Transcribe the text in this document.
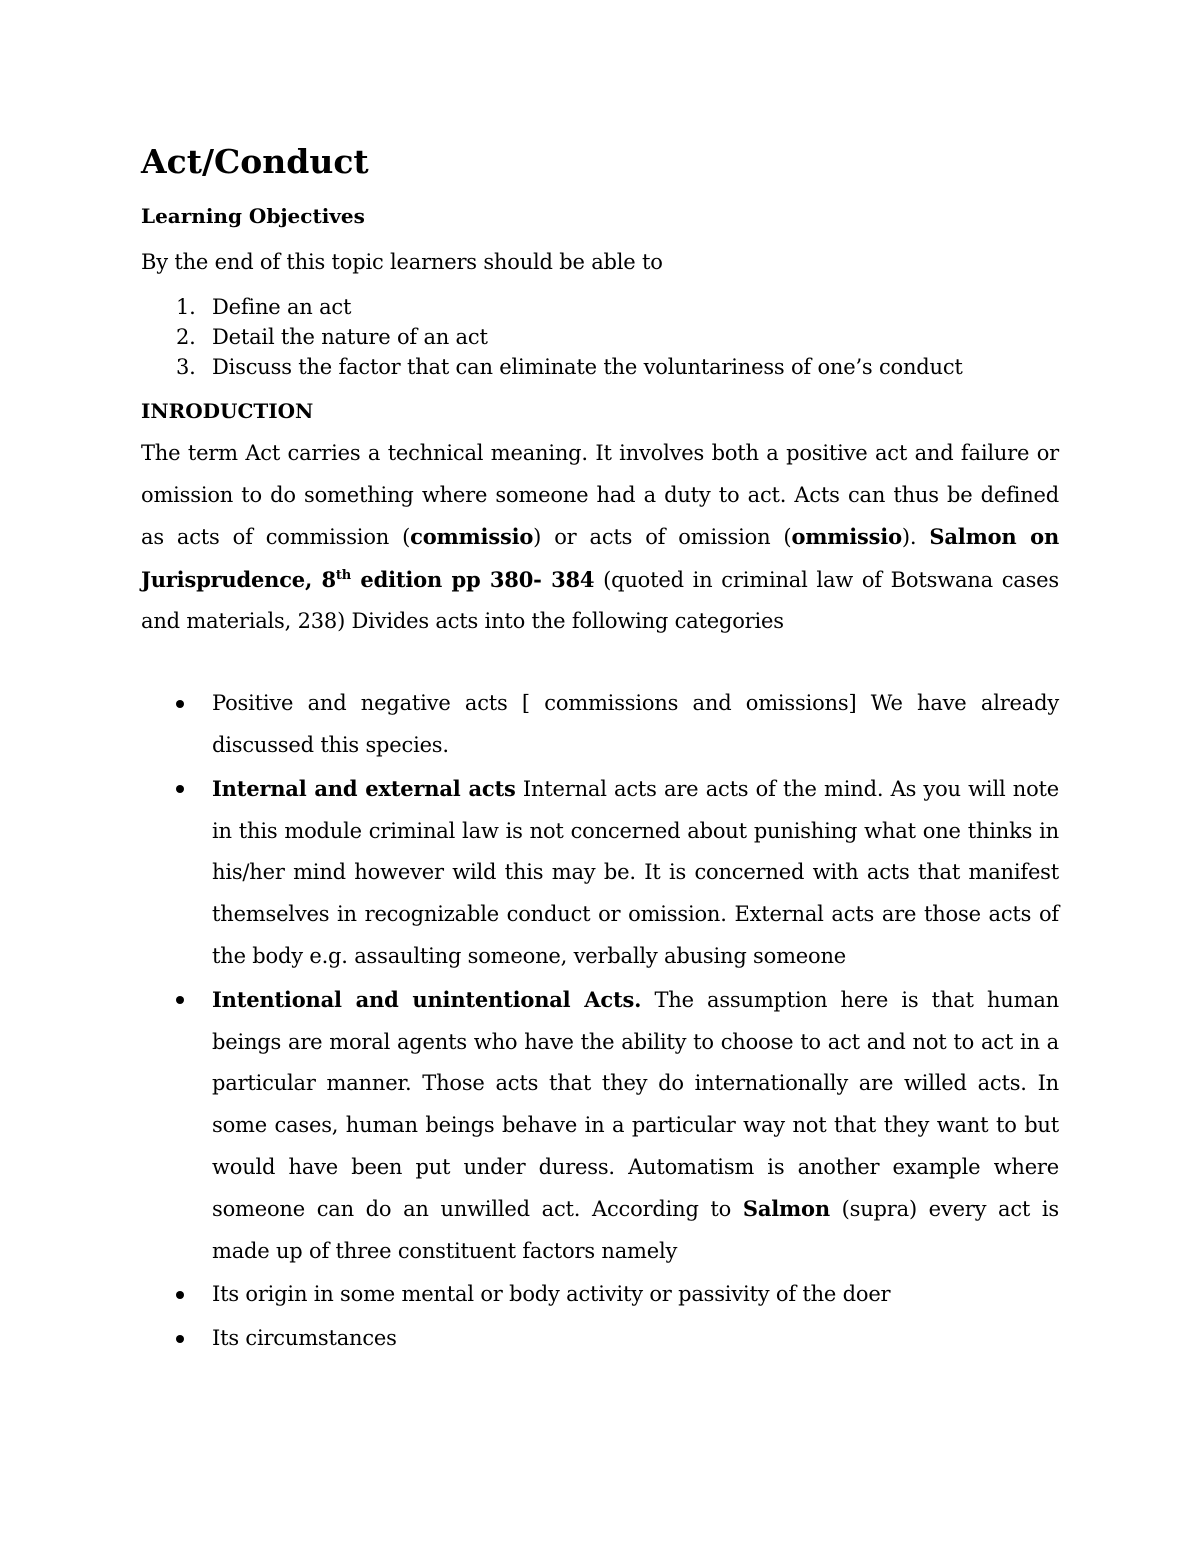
Act/Conduct
Learning Objectives

By the end of this topic learners should be able to

1. Define an act
2. Detail the nature of an act
3. Discuss the factor that can eliminate the voluntariness of one’s conduct
INRODUCTION

The term Act carries a technical meaning. It involves both a positive act and failure or omission to do something where someone had a duty to act. Acts can thus be defined as acts of commission (commissio) or acts of omission (ommissio). Salmon on Jurisprudence, 8th edition pp 380- 384 (quoted in criminal law of Botswana cases and materials, 238) Divides acts into the following categories

Positive and negative acts [ commissions and omissions] We have already discussed this species.
Internal and external acts Internal acts are acts of the mind. As you will note in this module criminal law is not concerned about punishing what one thinks in his/her mind however wild this may be. It is concerned with acts that manifest themselves in recognizable conduct or omission. External acts are those acts of the body e.g. assaulting someone, verbally abusing someone
Intentional and unintentional Acts. The assumption here is that human beings are moral agents who have the ability to choose to act and not to act in a particular manner. Those acts that they do internationally are willed acts. In some cases, human beings behave in a particular way not that they want to but would have been put under duress. Automatism is another example where someone can do an unwilled act. According to Salmon (supra) every act is made up of three constituent factors namely
Its origin in some mental or body activity or passivity of the doer
Its circumstances
